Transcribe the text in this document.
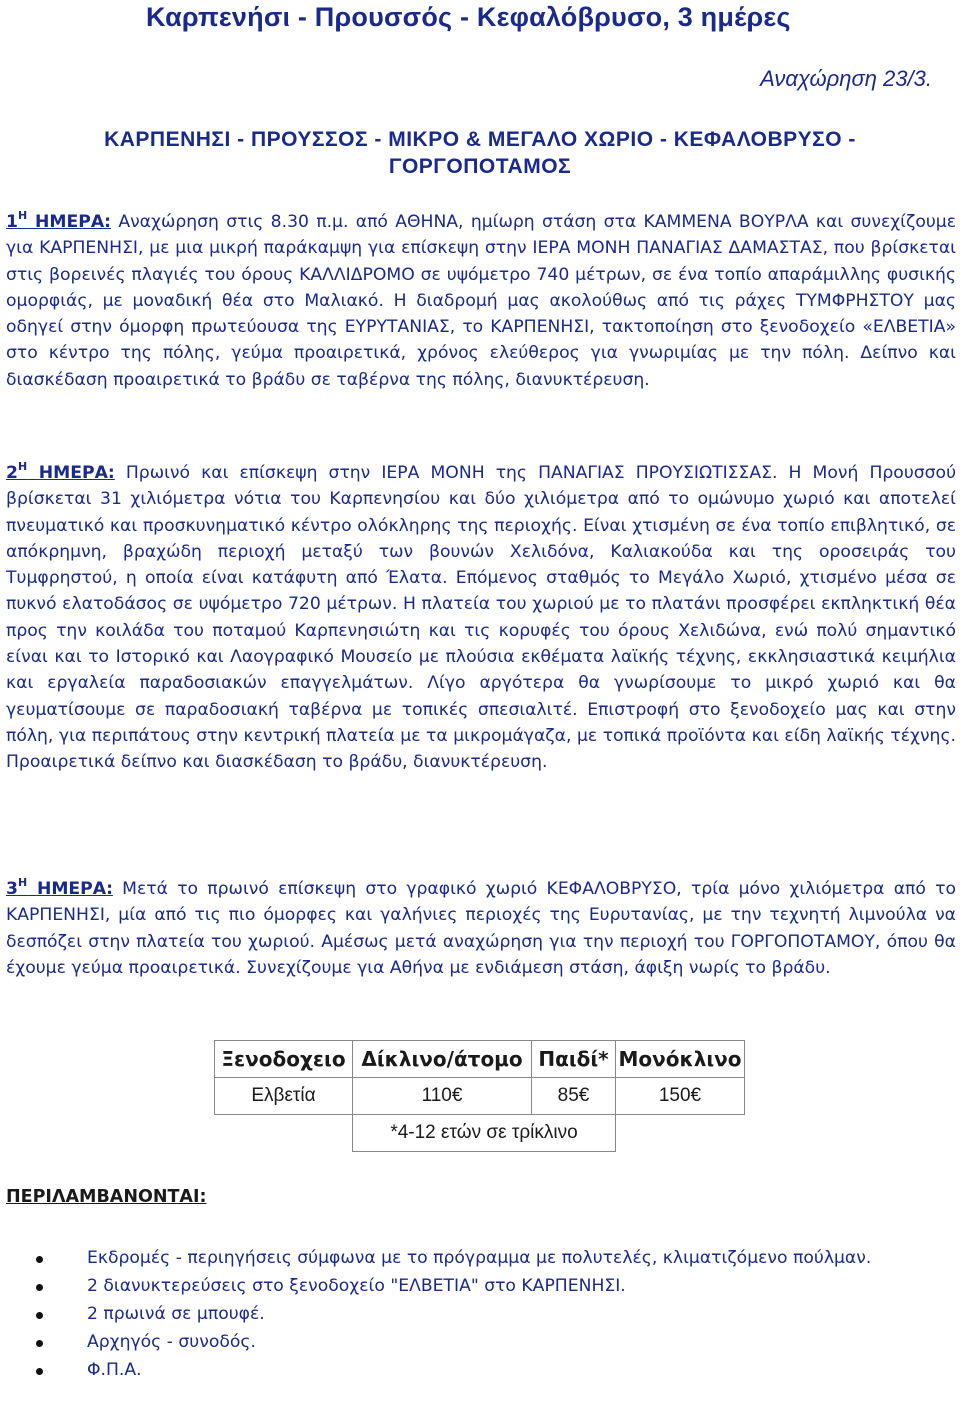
Καρπενήσι - Προυσσός - Κεφαλόβρυσο, 3 ημέρες
Αναχώρηση 23/3.
ΚΑΡΠΕΝΗΣΙ - ΠΡΟΥΣΣΟΣ - ΜΙΚΡΟ & ΜΕΓΑΛΟ ΧΩΡΙΟ - ΚΕΦΑΛΟΒΡΥΣΟ -
ΓΟΡΓΟΠΟΤΑΜΟΣ
$1^H$ ΗΜΕΡΑ: Αναχώρηση στις 8.30 π.μ. από ΑΘΗΝΑ, ημίωρη στάση στα ΚΑΜΜΕΝΑ ΒΟΥΡΛΑ και συνεχίζουμε για ΚΑΡΠΕΝΗΣΙ, με μια μικρή παράκαμψη για επίσκεψη στην ΙΕΡΑ ΜΟΝΗ ΠΑΝΑΓΙΑΣ ΔΑΜΑΣΤΑΣ, που βρίσκεται στις βορεινές πλαγιές του όρους ΚΑΛΛΙΔΡΟΜΟ σε υψόμετρο 740 μέτρων, σε ένα τοπίο απαράμιλλης φυσικής ομορφιάς, με μοναδική θέα στο Μαλιακό. Η διαδρομή μας ακολούθως από τις ράχες ΤΥΜΦΡΗΣΤΟΥ μας οδηγεί στην όμορφη πρωτεύουσα της ΕΥΡΥΤΑΝΙΑΣ, το ΚΑΡΠΕΝΗΣΙ, τακτοποίηση στο ξενοδοχείο «ΕΛΒΕΤΙΑ» στο κέντρο της πόλης, γεύμα προαιρετικά, χρόνος ελεύθερος για γνωριμίας με την πόλη. Δείπνο και διασκέδαση προαιρετικά το βράδυ σε ταβέρνα της πόλης, διανυκτέρευση.
$2^H$ ΗΜΕΡΑ: Πρωινό και επίσκεψη στην ΙΕΡΑ ΜΟΝΗ της ΠΑΝΑΓΙΑΣ ΠΡΟΥΣΙΩΤΙΣΣΑΣ. Η Μονή Προυσσού βρίσκεται 31 χιλιόμετρα νότια του Καρπενησίου και δύο χιλιόμετρα από το ομώνυμο χωριό και αποτελεί πνευματικό και προσκυνηματικό κέντρο ολόκληρης της περιοχής. Είναι χτισμένη σε ένα τοπίο επιβλητικό, σε απόκρημνη, βραχώδη περιοχή μεταξύ των βουνών Χελιδόνα, Καλιακούδα και της οροσειράς του Τυμφρηστού, η οποία είναι κατάφυτη από Έλατα. Επόμενος σταθμός το Μεγάλο Χωριό, χτισμένο μέσα σε πυκνό ελατοδάσος σε υψόμετρο 720 μέτρων. Η πλατεία του χωριού με το πλατάνι προσφέρει εκπληκτική θέα προς την κοιλάδα του ποταμού Καρπενησιώτη και τις κορυφές του όρους Χελιδώνα, ενώ πολύ σημαντικό είναι και το Ιστορικό και Λαογραφικό Μουσείο με πλούσια εκθέματα λαϊκής τέχνης, εκκλησιαστικά κειμήλια και εργαλεία παραδοσιακών επαγγελμάτων. Λίγο αργότερα θα γνωρίσουμε το μικρό χωριό και θα γευματίσουμε σε παραδοσιακή ταβέρνα με τοπικές σπεσιαλιτέ. Επιστροφή στο ξενοδοχείο μας και στην πόλη, για περιπάτους στην κεντρική πλατεία με τα μικρομάγαζα, με τοπικά προϊόντα και είδη λαϊκής τέχνης. Προαιρετικά δείπνο και διασκέδαση το βράδυ, διανυκτέρευση.
$3^H$ ΗΜΕΡΑ: Μετά το πρωινό επίσκεψη στο γραφικό χωριό ΚΕΦΑΛΟΒΡΥΣΟ, τρία μόνο χιλιόμετρα από το ΚΑΡΠΕΝΗΣΙ, μία από τις πιο όμορφες και γαλήνιες περιοχές της Ευρυτανίας, με την τεχνητή λιμνούλα να δεσπόζει στην πλατεία του χωριού. Αμέσως μετά αναχώρηση για την περιοχή του ΓΟΡΓΟΠΟΤΑΜΟΥ, όπου θα έχουμε γεύμα προαιρετικά. Συνεχίζουμε για Αθήνα με ενδιάμεση στάση, άφιξη νωρίς το βράδυ.
Ξενοδοχειο	Δίκλινο/άτομο	Παιδί*	Μονόκλινο
Ελβετία	110€	85€	150€
	*4-12 ετών σε τρίκλινο		
ΠΕΡΙΛΑΜΒΑΝΟΝΤΑΙ:
Εκδρομές - περιηγήσεις σύμφωνα με το πρόγραμμα με πολυτελές, κλιματιζόμενο πούλμαν.
2 διανυκτερεύσεις στο ξενοδοχείο "ΕΛΒΕΤΙΑ" στο ΚΑΡΠΕΝΗΣΙ.
2 πρωινά σε μπουφέ.
Αρχηγός - συνοδός.
Φ.Π.Α.
